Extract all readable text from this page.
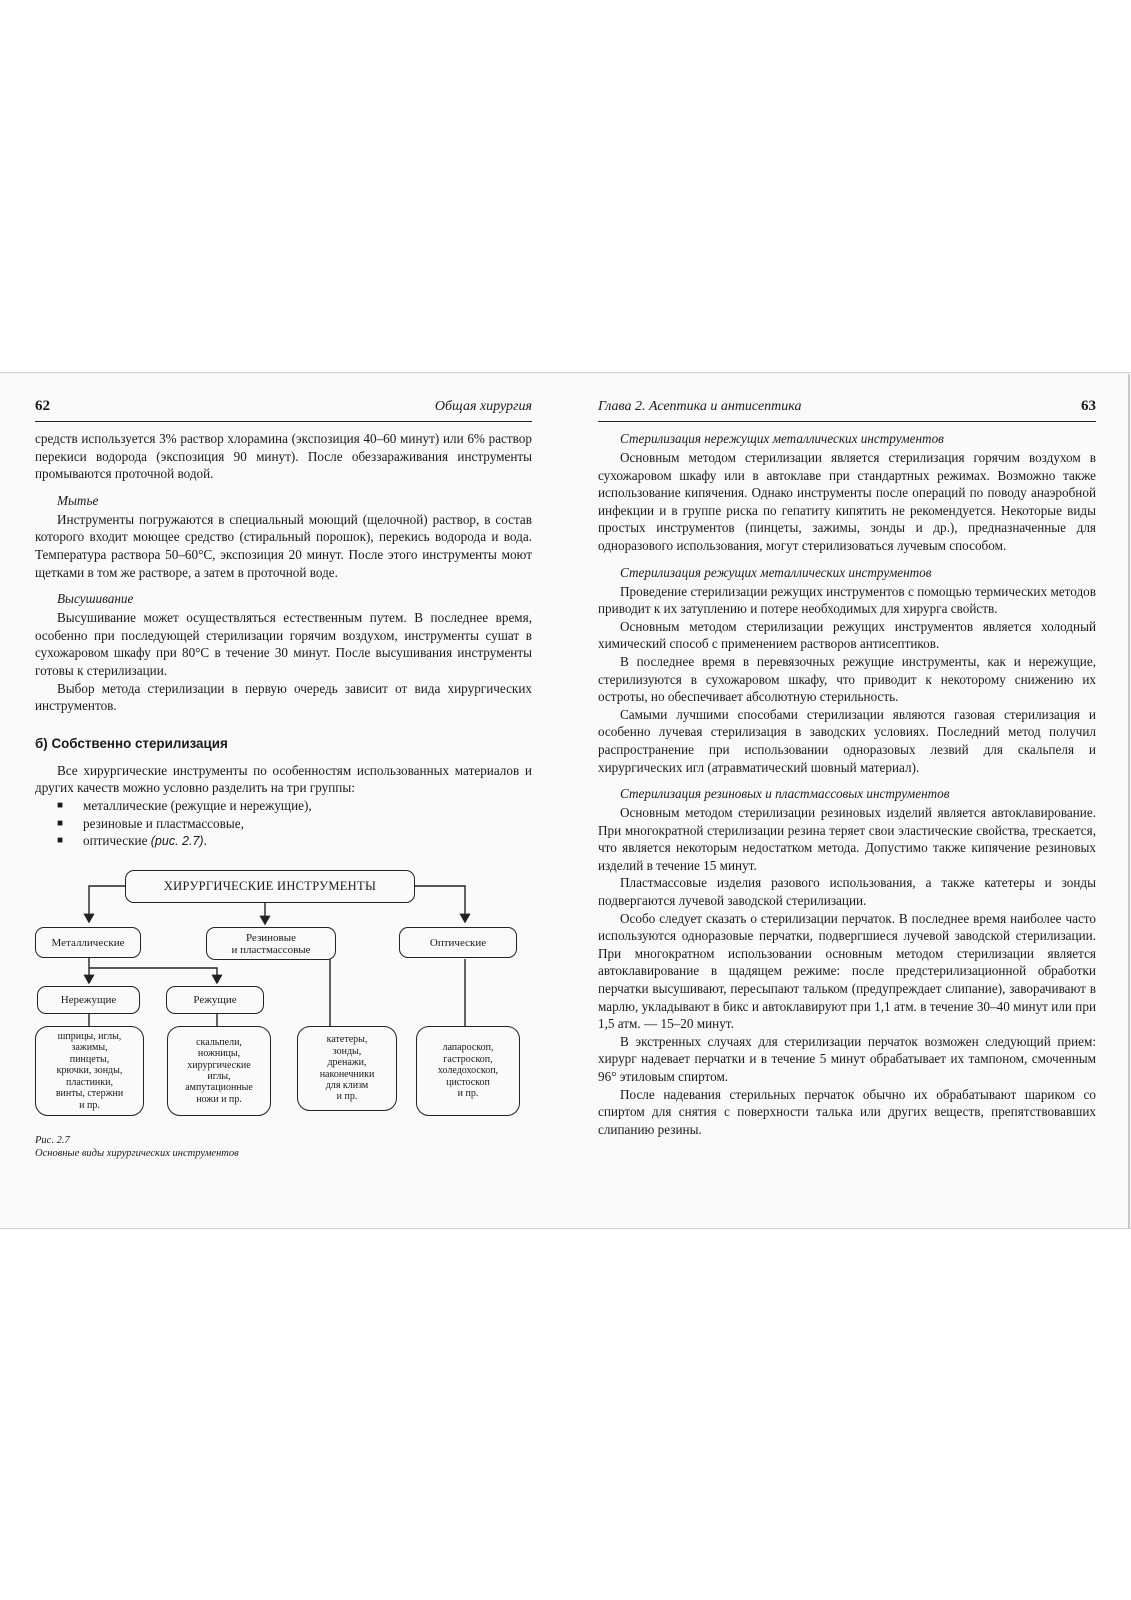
62	Общая хирургия

средств используется 3% раствор хлорамина (экспозиция 40–60 минут) или 6% раствор перекиси водорода (экспозиция 90 минут). После обеззараживания инструменты промываются проточной водой.

Мытье

Инструменты погружаются в специальный моющий (щелочной) раствор, в состав которого входит моющее средство (стиральный порошок), перекись водорода и вода. Температура раствора 50–60°С, экспозиция 20 минут. После этого инструменты моют щетками в том же растворе, а затем в проточной воде.

Высушивание

Высушивание может осуществляться естественным путем. В последнее время, особенно при последующей стерилизации горячим воздухом, инструменты сушат в сухожаровом шкафу при 80°С в течение 30 минут. После высушивания инструменты готовы к стерилизации.

Выбор метода стерилизации в первую очередь зависит от вида хирургических инструментов.

б) Собственно стерилизация

Все хирургические инструменты по особенностям использованных материалов и других качеств можно условно разделить на три группы:

■ металлические (режущие и нережущие),
■ резиновые и пластмассовые,
■ оптические (рис. 2.7).
ХИРУРГИЧЕСКИЕ ИНСТРУМЕНТЫ
Металлические	Резиновые
и пластмассовые
Оптические
Нережущие	Режущие
шприцы, иглы,
зажимы,
пинцеты,
крючки, зонды,
пластинки,
винты, стержни
и пр.
скальпели,
ножницы,
хирургические
иглы,
ампутационные
ножи и пр.
катетеры,
зонды,
дренажи,
наконечники
для клизм
и пр.
лапароскоп,
гастроскоп,
холедохоскоп,
цистоскоп
и пр.
Рис. 2.7
Основные виды хирургических инструментов
Глава 2. Асептика и антисептика	63
Стерилизация нережущих металлических инструментов

Основным методом стерилизации является стерилизация горячим воздухом в сухожаровом шкафу или в автоклаве при стандартных режимах. Возможно также использование кипячения. Однако инструменты после операций по поводу анаэробной инфекции и в группе риска по гепатиту кипятить не рекомендуется. Некоторые виды простых инструментов (пинцеты, зажимы, зонды и др.), предназначенные для одноразового использования, могут стерилизоваться лучевым способом.

Стерилизация режущих металлических инструментов

Проведение стерилизации режущих инструментов с помощью термических методов приводит к их затуплению и потере необходимых для хирурга свойств.

Основным методом стерилизации режущих инструментов является холодный химический способ с применением растворов антисептиков.

В последнее время в перевязочных режущие инструменты, как и нережущие, стерилизуются в сухожаровом шкафу, что приводит к некоторому снижению их остроты, но обеспечивает абсолютную стерильность.

Самыми лучшими способами стерилизации являются газовая стерилизация и особенно лучевая стерилизация в заводских условиях. Последний метод получил распространение при использовании одноразовых лезвий для скальпеля и хирургических игл (атравматический шовный материал).

Стерилизация резиновых и пластмассовых инструментов

Основным методом стерилизации резиновых изделий является автоклавирование. При многократной стерилизации резина теряет свои эластические свойства, трескается, что является некоторым недостатком метода. Допустимо также кипячение резиновых изделий в течение 15 минут.

Пластмассовые изделия разового использования, а также катетеры и зонды подвергаются лучевой заводской стерилизации.

Особо следует сказать о стерилизации перчаток. В последнее время наиболее часто используются одноразовые перчатки, подвергшиеся лучевой заводской стерилизации. При многократном использовании основным методом стерилизации является автоклавирование в щадящем режиме: после предстерилизационной обработки перчатки высушивают, пересыпают тальком (предупреждает слипание), заворачивают в марлю, укладывают в бикс и автоклавируют при 1,1 атм. в течение 30–40 минут или при 1,5 атм. — 15–20 минут.

В экстренных случаях для стерилизации перчаток возможен следующий прием: хирург надевает перчатки и в течение 5 минут обрабатывает их тампоном, смоченным 96° этиловым спиртом.

После надевания стерильных перчаток обычно их обрабатывают шариком со спиртом для снятия с поверхности талька или других веществ, препятствовавших слипанию резины.
